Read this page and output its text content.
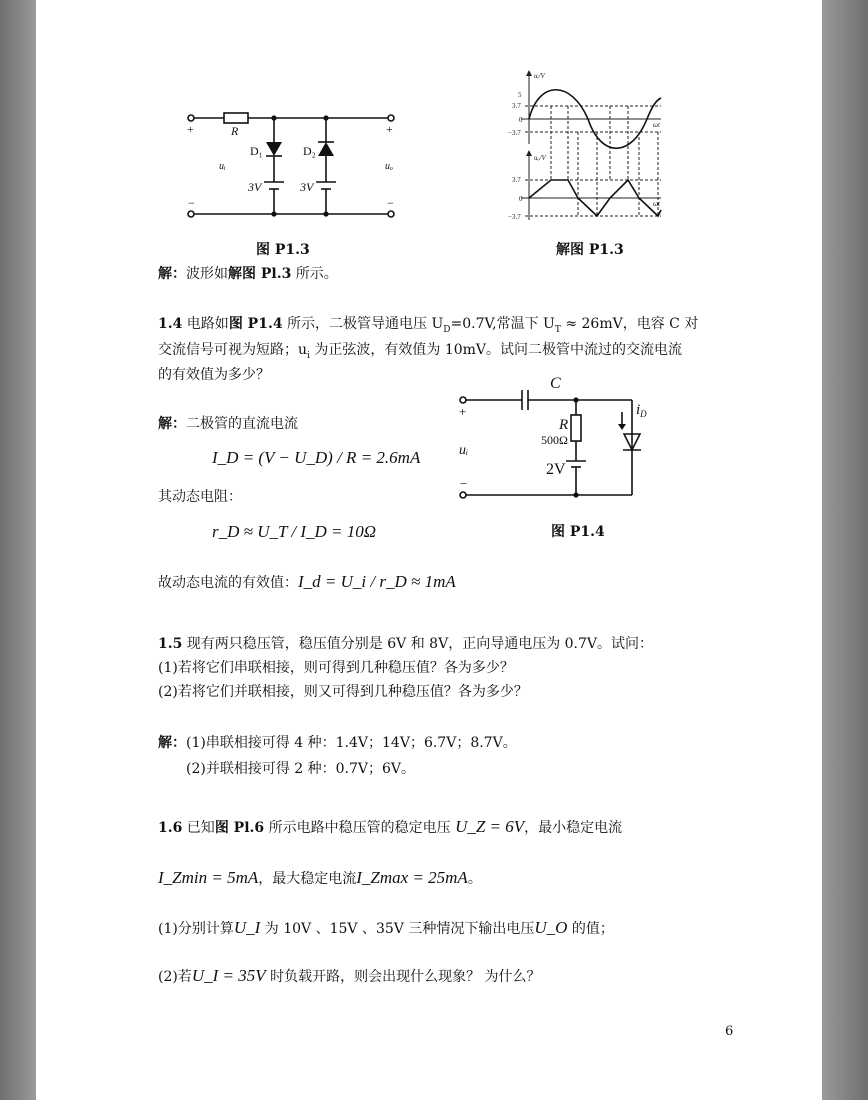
+	+
−	−
R
D₁	D₂
uᵢ	uₒ
3V	3V
图 P1.3
uᵢ/V
uₒ/V
ωt
ωt
5
3.7
0
−3.7
3.7
0
−3.7
解图 P1.3
解：波形如解图 Pl.3 所示。
1.4 电路如图 P1.4 所示，二极管导通电压 $U_D=0.7V$,常温下 $U_T \approx 26mV$，电容 C 对
交流信号可视为短路；$u_i$ 为正弦波，有效值为 10mV。试问二极管中流过的交流电流
的有效值为多少？
解：二极管的直流电流
I_D = (V − U_D) / R = 2.6mA
其动态电阻：
r_D ≈ U_T / I_D = 10Ω
故动态电流的有效值：I_d = U_i / r_D ≈ 1mA
C
$i_D$
R
500Ω
2V
+
−
uᵢ
图 P1.4
1.5 现有两只稳压管，稳压值分别是 6V 和 8V，正向导通电压为 0.7V。试问：
(1)若将它们串联相接，则可得到几种稳压值？各为多少？
(2)若将它们并联相接，则又可得到几种稳压值？各为多少？
解：(1)串联相接可得 4 种：1.4V；14V；6.7V；8.7V。
(2)并联相接可得 2 种：0.7V；6V。
1.6 已知图 Pl.6 所示电路中稳压管的稳定电压 U_Z = 6V，最小稳定电流
I_Zmin = 5mA，最大稳定电流I_Zmax = 25mA。
(1)分别计算U_I 为 10V 、15V 、35V 三种情况下输出电压U_O 的值；
(2)若U_I = 35V 时负载开路，则会出现什么现象？ 为什么？
6
